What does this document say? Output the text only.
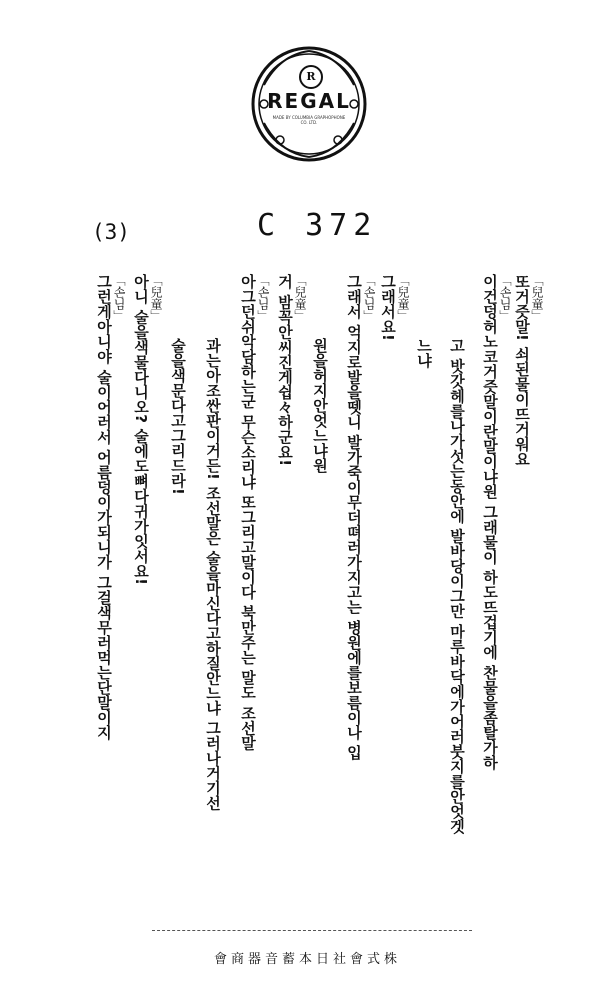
R
REGAL
MADE BY COLUMBIA GRAPHOPHONE CO. LTD.
(3)	C 372
「兒童」
또거즛말! 쇠된물이뜨거워요
「손님」
이건덩허노코거즛말이란말이냐원 그래물이 하도뜨겁기에 찬물을좀탈가하
고 밧갓헤를나가섯는동안에 발바당이그만 마루바닥에가어러붓지를안엇겟
느냐
「兒童」
그래서요!
「손님」
그래서 억지로발을뗏니 발가죽이무더뗘러가지고는 병원에를보름이나 입
원을허지안엇느냐원
「兒童」
거 밤꼭안씨진게쉽々하군요!
「손님」
아그던쉬악담하는군 무슨소리냐 또그리고말이다 북만주는 말도 조선말
과는아조싼판이거든! 조선말은 술을마신다고하질안느냐 그러나거기선
술을색문다고그리드라!
「兒童」
아니 술을색물다니오? 술에도뼈다귀가잇서요!
「손님」
그런게아니야 술이어러서 어름덩이가되니가 그걸색무러먹는단말이지
會商器音蓄本日社會式株
